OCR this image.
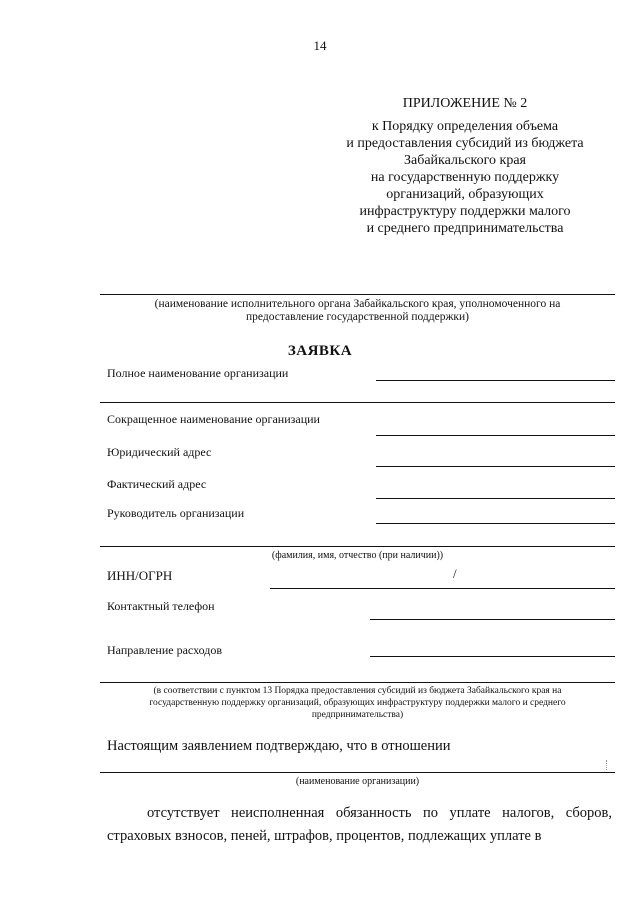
14
ПРИЛОЖЕНИЕ № 2
к Порядку определения объема
и предоставления субсидий из бюджета
Забайкальского края
на государственную поддержку
организаций, образующих
инфраструктуру поддержки малого
и среднего предпринимательства
(наименование исполнительного органа Забайкальского края, уполномоченного на
предоставление государственной поддержки)
ЗАЯВКА
Полное наименование организации
Сокращенное наименование организации
Юридический адрес
Фактический адрес
Руководитель организации
(фамилия, имя, отчество (при наличии))
ИНН/ОГРН	/
Контактный телефон
Направление расходов
(в соответствии с пунктом 13 Порядка предоставления субсидий из бюджета Забайкальского края на
государственную поддержку организаций, образующих инфраструктуру поддержки малого и среднего
предпринимательства)
Настоящим заявлением подтверждаю, что в отношении
(наименование организации)
отсутствует неисполненная обязанность по уплате налогов, сборов, страховых взносов, пеней, штрафов, процентов, подлежащих уплате в
